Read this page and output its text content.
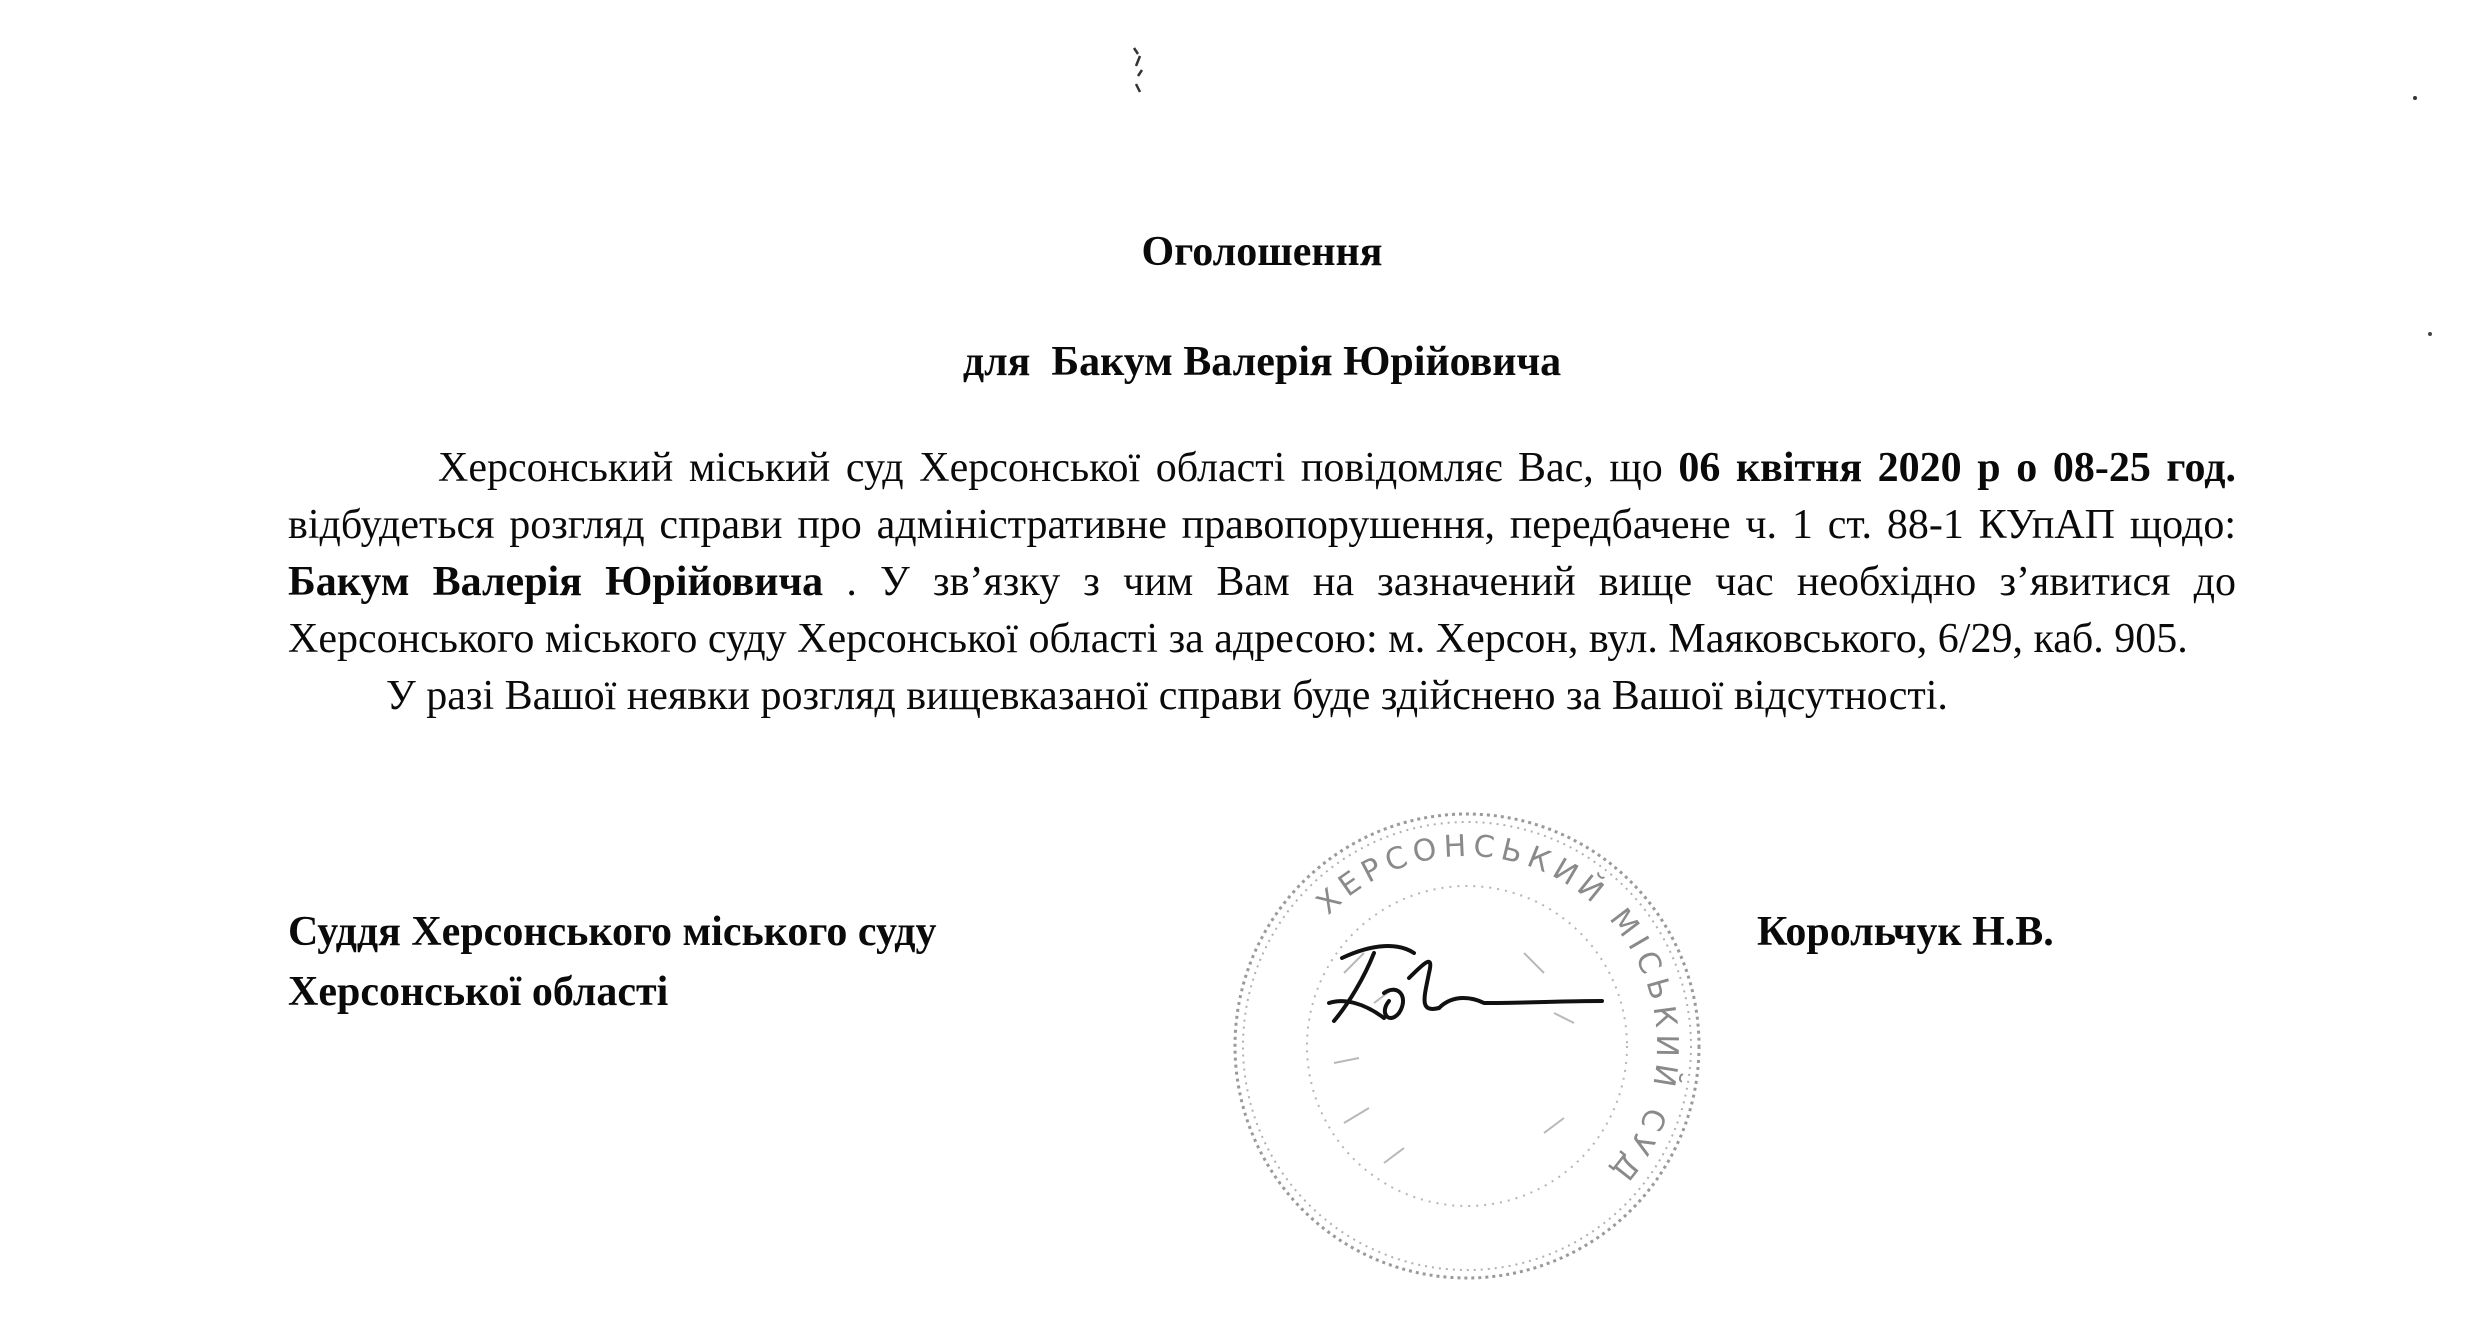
Оголошення
для  Бакум Валерія Юрійовича

Херсонський міський суд Херсонської області повідомляє Вас, що 06 квітня 2020 р о 08-25 год. відбудеться розгляд справи про адміністративне правопорушення, передбачене ч. 1 ст. 88-1 КУпАП щодо: Бакум Валерія Юрійовича . У зв’язку з чим Вам на зазначений вище час необхідно з’явитися до Херсонського міського суду Херсонської області за адресою: м. Херсон, вул. Маяковського, 6/29, каб. 905.

У разі Вашої неявки розгляд вищевказаної справи буде здійснено за Вашої відсутності.

ХЕРСОНСЬКИЙ МІСЬКИЙ СУД
Суддя Херсонського міського суду
Херсонської області
Корольчук Н.В.
